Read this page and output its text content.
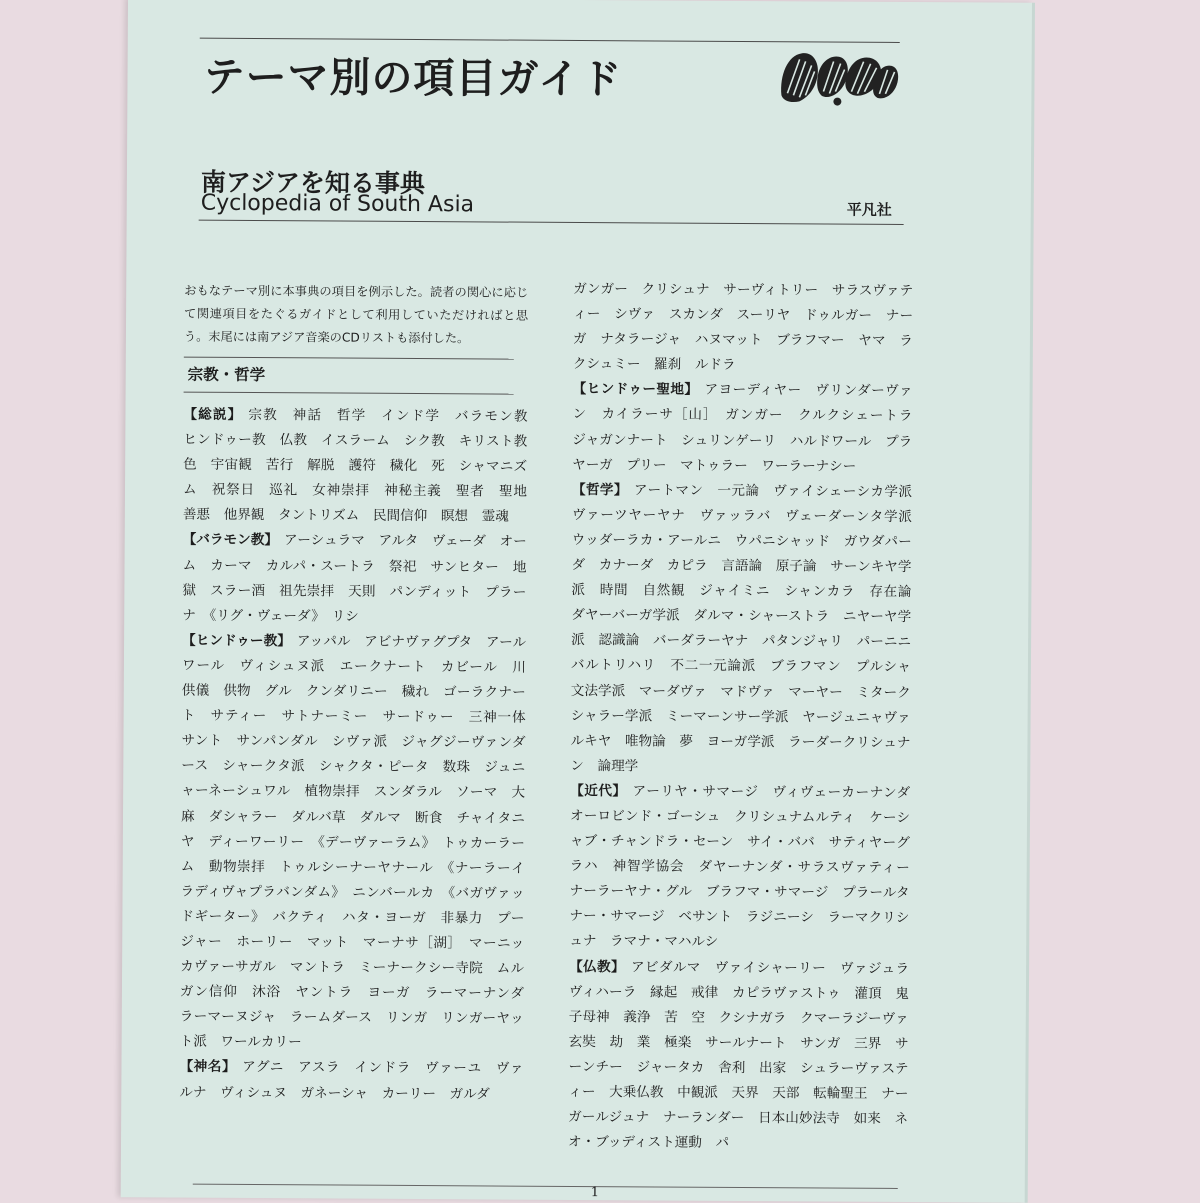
テーマ別の項目ガイド
南アジアを知る事典
Cyclopedia of South Asia	平凡社
おもなテーマ別に本事典の項目を例示した。読者の関心に応じて関連項目をたぐるガイドとして利用していただければと思う。末尾には南アジア音楽のCDリストも添付した。
宗教・哲学
【総説】 宗教　神話　哲学　インド学　バラモン教　ヒンドゥー教　仏教　イスラーム　シク教　キリスト教　色　宇宙観　苦行　解脱　護符　穢化　死　シャマニズム　祝祭日　巡礼　女神崇拝　神秘主義　聖者　聖地　善悪　他界観　タントリズム　民間信仰　瞑想　霊魂
【バラモン教】 アーシュラマ　アルタ　ヴェーダ　オーム　カーマ　カルパ・スートラ　祭祀　サンヒター　地獄　スラー酒　祖先崇拝　天則　パンディット　プラーナ　《リグ・ヴェーダ》　リシ
【ヒンドゥー教】 アッパル　アビナヴァグプタ　アールワール　ヴィシュヌ派　エークナート　カビール　川　供儀　供物　グル　クンダリニー　穢れ　ゴーラクナート　サティー　サトナーミー　サードゥー　三神一体　サント　サンパンダル　シヴァ派　ジャグジーヴァンダース　シャークタ派　シャクタ・ピータ　数珠　ジュニャーネーシュワル　植物崇拝　スンダラル　ソーマ　大麻　ダシャラー　ダルバ草　ダルマ　断食　チャイタニヤ　ディーワーリー　《デーヴァーラム》　トゥカーラーム　動物崇拝　トゥルシーナーヤナール　《ナーラーイラディヴャプラバンダム》　ニンバールカ　《バガヴァッドギーター》　バクティ　ハタ・ヨーガ　非暴力　プージャー　ホーリー　マット　マーナサ［湖］　マーニッカヴァーサガル　マントラ　ミーナークシー寺院　ムルガン信仰　沐浴　ヤントラ　ヨーガ　ラーマーナンダ　ラーマーヌジャ　ラームダース　リンガ　リンガーヤット派　ワールカリー
【神名】 アグニ　アスラ　インドラ　ヴァーユ　ヴァルナ　ヴィシュヌ　ガネーシャ　カーリー　ガルダ
ガンガー　クリシュナ　サーヴィトリー　サラスヴァティー　シヴァ　スカンダ　スーリヤ　ドゥルガー　ナーガ　ナタラージャ　ハヌマット　ブラフマー　ヤマ　ラクシュミー　羅刹　ルドラ
【ヒンドゥー聖地】 アヨーディヤー　ヴリンダーヴァン　カイラーサ［山］　ガンガー　クルクシェートラ　ジャガンナート　シュリンゲーリ　ハルドワール　プラヤーガ　プリー　マトゥラー　ワーラーナシー
【哲学】 アートマン　一元論　ヴァイシェーシカ学派　ヴァーツヤーヤナ　ヴァッラバ　ヴェーダーンタ学派　ウッダーラカ・アールニ　ウパニシャッド　ガウダパーダ　カナーダ　カピラ　言語論　原子論　サーンキヤ学派　時間　自然観　ジャイミニ　シャンカラ　存在論　ダヤーバーガ学派　ダルマ・シャーストラ　ニヤーヤ学派　認識論　バーダラーヤナ　パタンジャリ　パーニニ　バルトリハリ　不二一元論派　ブラフマン　プルシャ　文法学派　マーダヴァ　マドヴァ　マーヤー　ミタークシャラー学派　ミーマーンサー学派　ヤージュニャヴァルキヤ　唯物論　夢　ヨーガ学派　ラーダークリシュナン　論理学
【近代】 アーリヤ・サマージ　ヴィヴェーカーナンダ　オーロビンド・ゴーシュ　クリシュナムルティ　ケーシャブ・チャンドラ・セーン　サイ・ババ　サティヤーグラハ　神智学協会　ダヤーナンダ・サラスヴァティー　ナーラーヤナ・グル　ブラフマ・サマージ　プラールタナー・サマージ　ベサント　ラジニーシ　ラーマクリシュナ　ラマナ・マハルシ
【仏教】 アビダルマ　ヴァイシャーリー　ヴァジュラヴィハーラ　縁起　戒律　カピラヴァストゥ　灌頂　鬼子母神　義浄　苦　空　クシナガラ　クマーラジーヴァ　玄奘　劫　業　極楽　サールナート　サンガ　三界　サーンチー　ジャータカ　舎利　出家　シュラーヴァスティー　大乗仏教　中観派　天界　天部　転輪聖王　ナーガールジュナ　ナーランダー　日本山妙法寺　如来　ネオ・ブッディスト運動　パ
1
